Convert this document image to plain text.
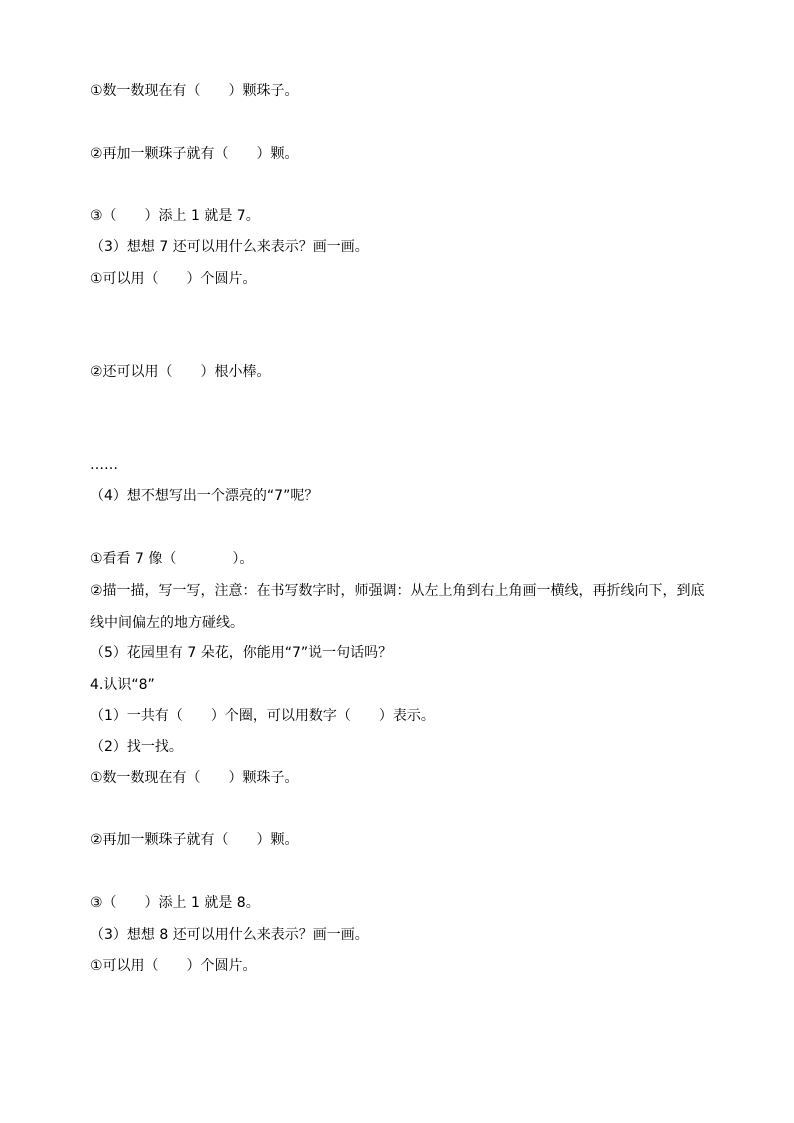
①数一数现在有（　　）颗珠子。
②再加一颗珠子就有（　　）颗。
③（　　）添上 1 就是 7。
（3）想想 7 还可以用什么来表示？画一画。
①可以用（　　）个圆片。
②还可以用（　　）根小棒。
……
（4）想不想写出一个漂亮的“7”呢？
①看看 7 像（　　　　）。
②描一描，写一写，注意：在书写数字时，师强调：从左上角到右上角画一横线，再折线向下，到底线中间偏左的地方碰线。
（5）花园里有 7 朵花，你能用“7”说一句话吗？
4.认识“8”
（1）一共有（　　）个圈，可以用数字（　　）表示。
（2）找一找。
①数一数现在有（　　）颗珠子。
②再加一颗珠子就有（　　）颗。
③（　　）添上 1 就是 8。
（3）想想 8 还可以用什么来表示？画一画。
①可以用（　　）个圆片。
